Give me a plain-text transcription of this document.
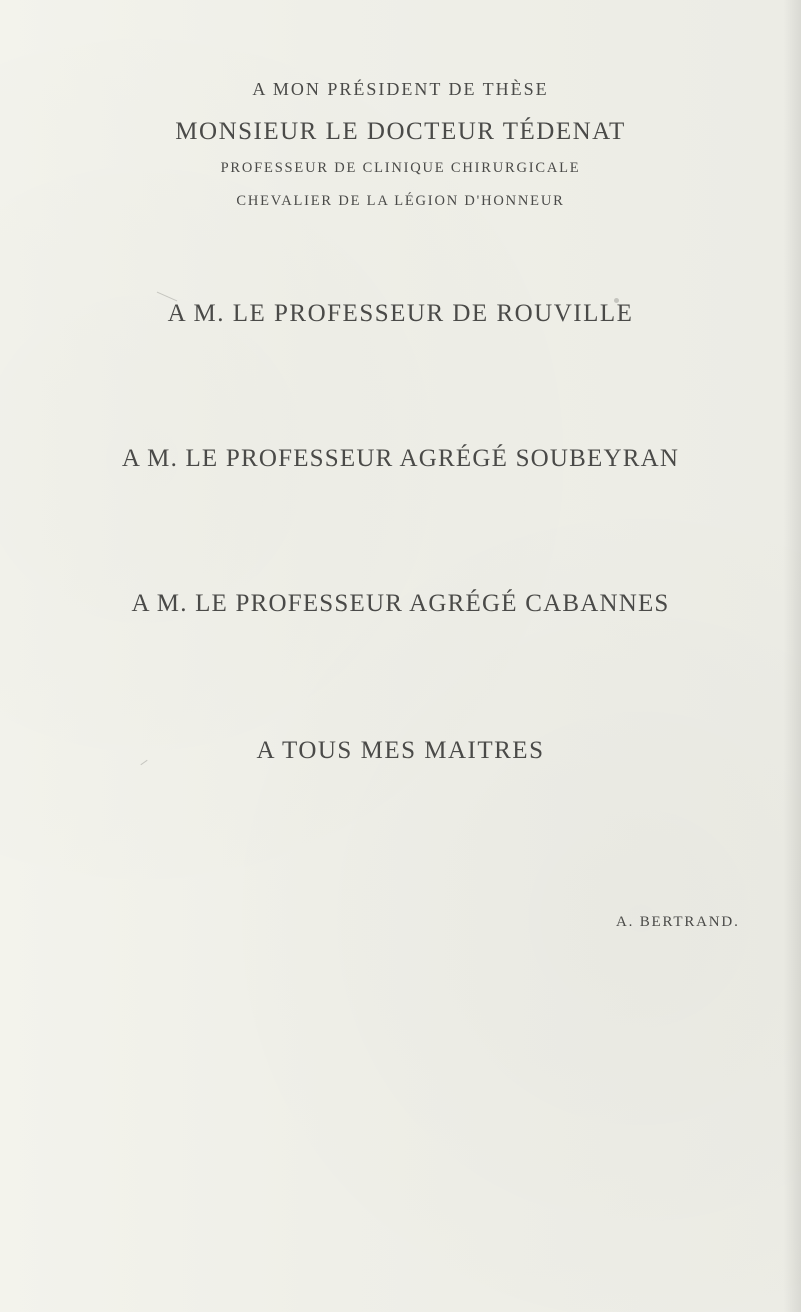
A MON PRÉSIDENT DE THÈSE
MONSIEUR LE DOCTEUR TÉDENAT
PROFESSEUR DE CLINIQUE CHIRURGICALE
CHEVALIER DE LA LÉGION D'HONNEUR
A M. LE PROFESSEUR DE ROUVILLE
A M. LE PROFESSEUR AGRÉGÉ SOUBEYRAN
A M. LE PROFESSEUR AGRÉGÉ CABANNES
A TOUS MES MAITRES
A. BERTRAND.
